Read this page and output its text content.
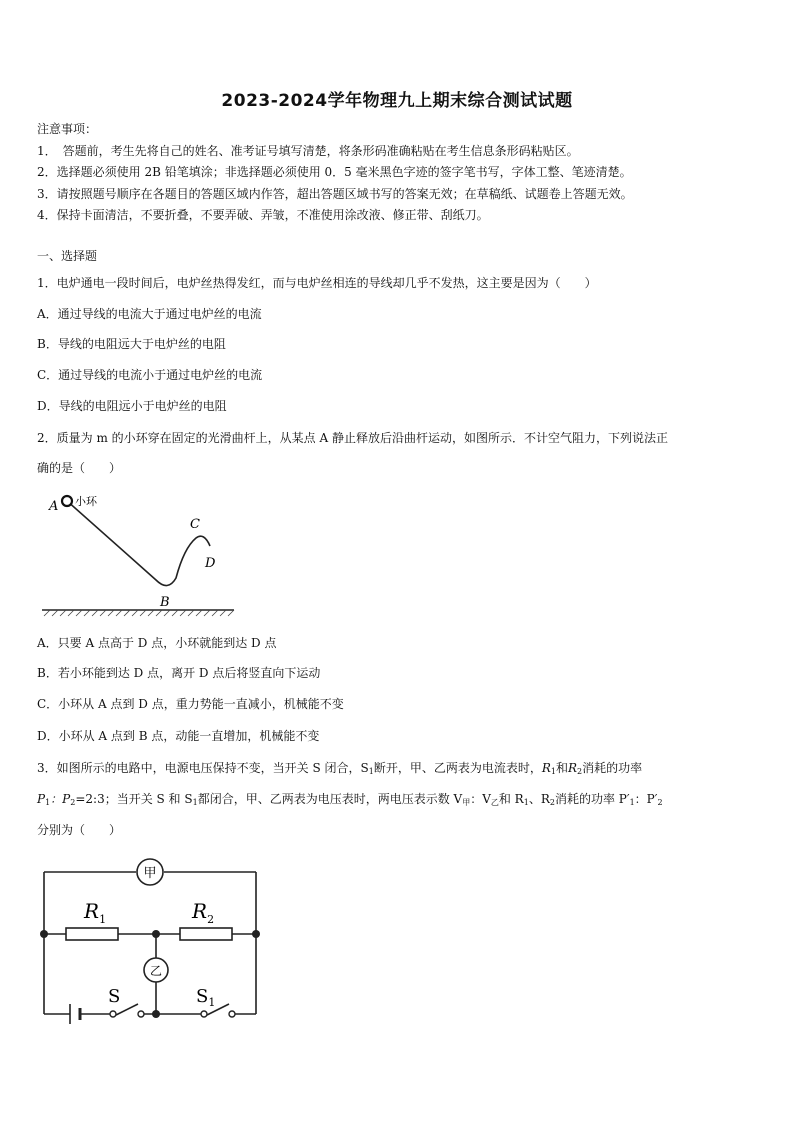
2023-2024学年物理九上期末综合测试试题
注意事项：
1．　答题前，考生先将自己的姓名、准考证号填写清楚，将条形码准确粘贴在考生信息条形码粘贴区。
2．选择题必须使用 2B 铅笔填涂；非选择题必须使用 0．5 毫米黑色字迹的签字笔书写，字体工整、笔迹清楚。
3．请按照题号顺序在各题目的答题区域内作答，超出答题区域书写的答案无效；在草稿纸、试题卷上答题无效。
4．保持卡面清洁，不要折叠，不要弄破、弄皱，不准使用涂改液、修正带、刮纸刀。
一、选择题
1．电炉通电一段时间后，电炉丝热得发红，而与电炉丝相连的导线却几乎不发热，这主要是因为（　　）
A．通过导线的电流大于通过电炉丝的电流
B．导线的电阻远大于电炉丝的电阻
C．通过导线的电流小于通过电炉丝的电流
D．导线的电阻远小于电炉丝的电阻
2．质量为 m 的小环穿在固定的光滑曲杆上，从某点 A 静止释放后沿曲杆运动，如图所示．不计空气阻力，下列说法正
确的是（　　）
A 小环
B
C
D
A．只要 A 点高于 D 点，小环就能到达 D 点
B．若小环能到达 D 点，离开 D 点后将竖直向下运动
C．小环从 A 点到 D 点，重力势能一直减小，机械能不变
D．小环从 A 点到 B 点，动能一直增加，机械能不变
3．如图所示的电路中，电源电压保持不变，当开关 S 闭合，$S_1$断开，甲、乙两表为电流表时，$R_1$和$R_2$消耗的功率
$P_1$：$P_2=2:3$；当开关 S 和 $S_1$都闭合，甲、乙两表为电压表时，两电压表示数 $V_甲$：$V_乙$和 $R_1$、$R_2$消耗的功率 $P'_1$：$P'_2$
分别为（　　）
甲
乙
$R_1$	$R_2$
S	$S_1$
